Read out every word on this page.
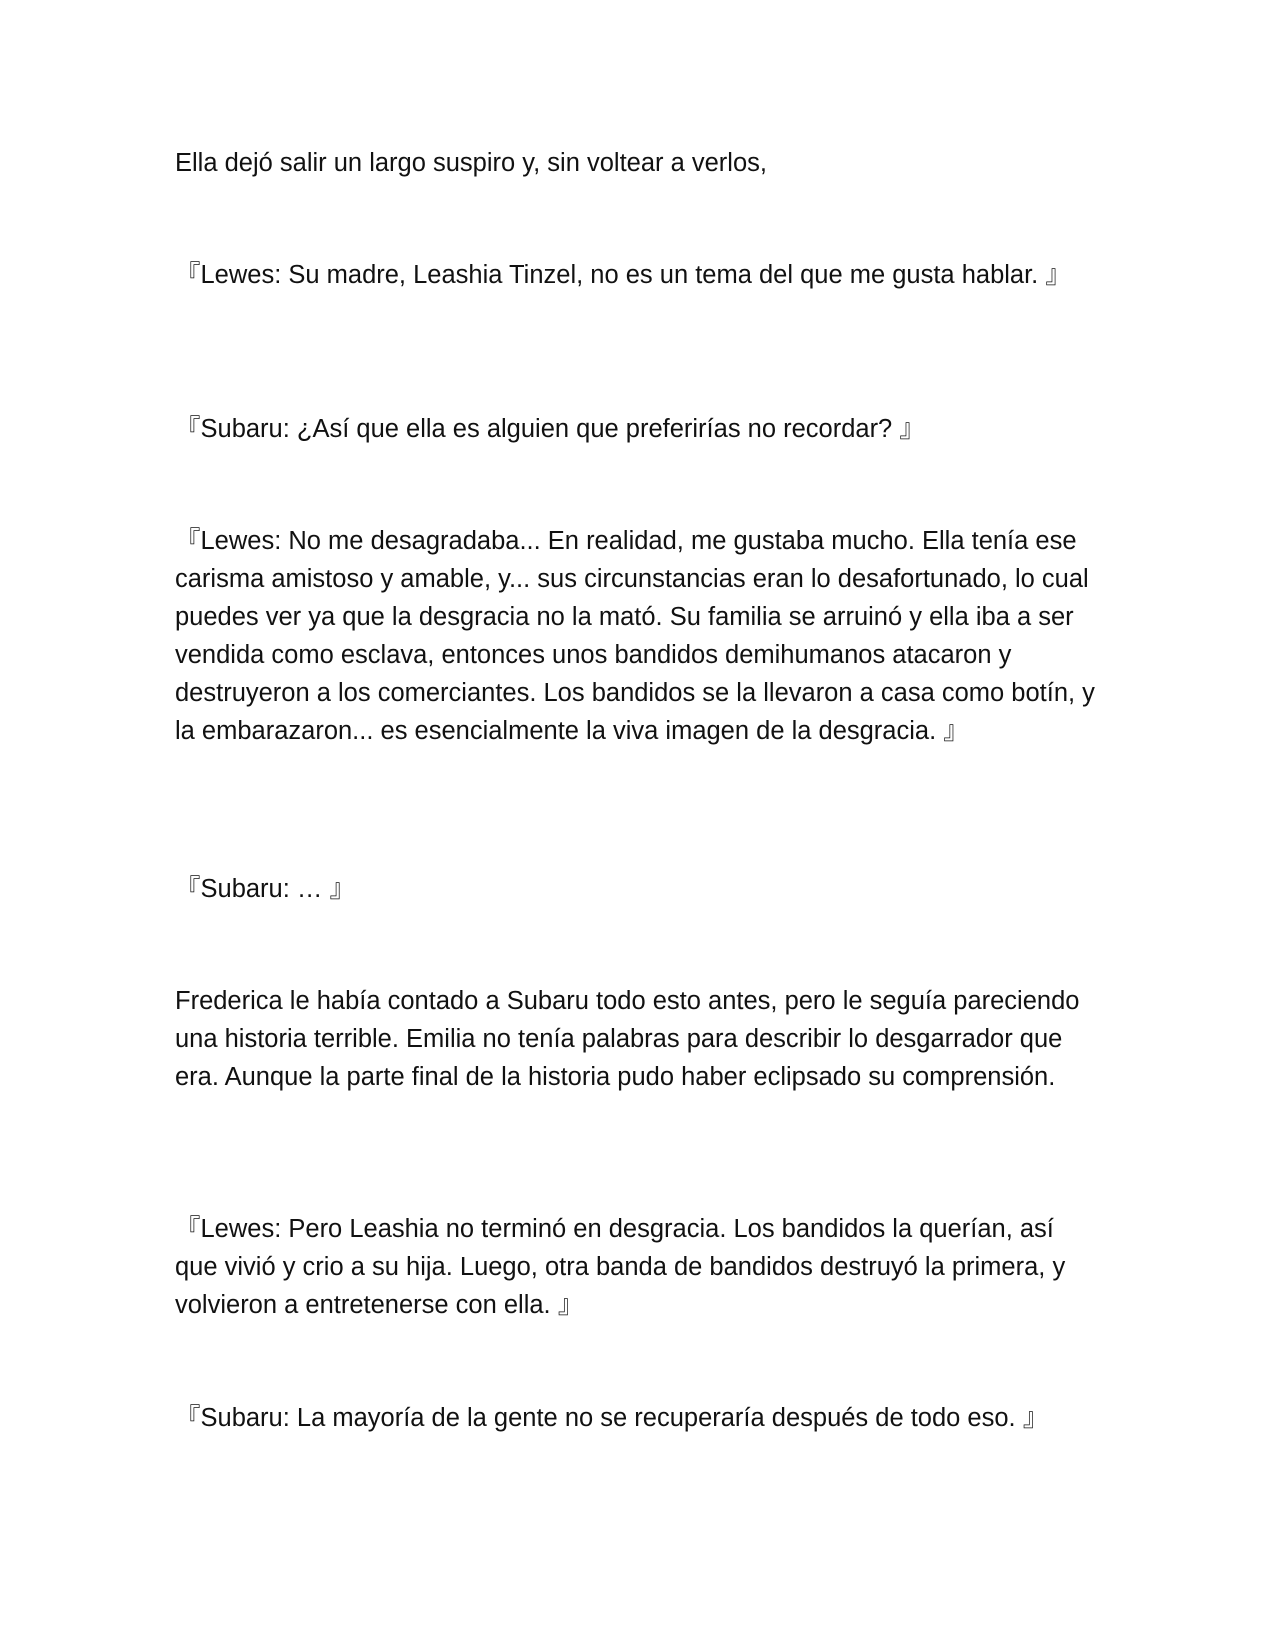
Ella dejó salir un largo suspiro y, sin voltear a verlos,

『Lewes: Su madre, Leashia Tinzel, no es un tema del que me gusta hablar. 』

『Subaru: ¿Así que ella es alguien que preferirías no recordar? 』

『Lewes: No me desagradaba... En realidad, me gustaba mucho. Ella tenía ese carisma amistoso y amable, y... sus circunstancias eran lo desafortunado, lo cual puedes ver ya que la desgracia no la mató. Su familia se arruinó y ella iba a ser vendida como esclava, entonces unos bandidos demihumanos atacaron y destruyeron a los comerciantes. Los bandidos se la llevaron a casa como botín, y la embarazaron... es esencialmente la viva imagen de la desgracia. 』

『Subaru: … 』

Frederica le había contado a Subaru todo esto antes, pero le seguía pareciendo una historia terrible. Emilia no tenía palabras para describir lo desgarrador que era. Aunque la parte final de la historia pudo haber eclipsado su comprensión.

『Lewes: Pero Leashia no terminó en desgracia. Los bandidos la querían, así que vivió y crio a su hija. Luego, otra banda de bandidos destruyó la primera, y volvieron a entretenerse con ella. 』

『Subaru: La mayoría de la gente no se recuperaría después de todo eso. 』
